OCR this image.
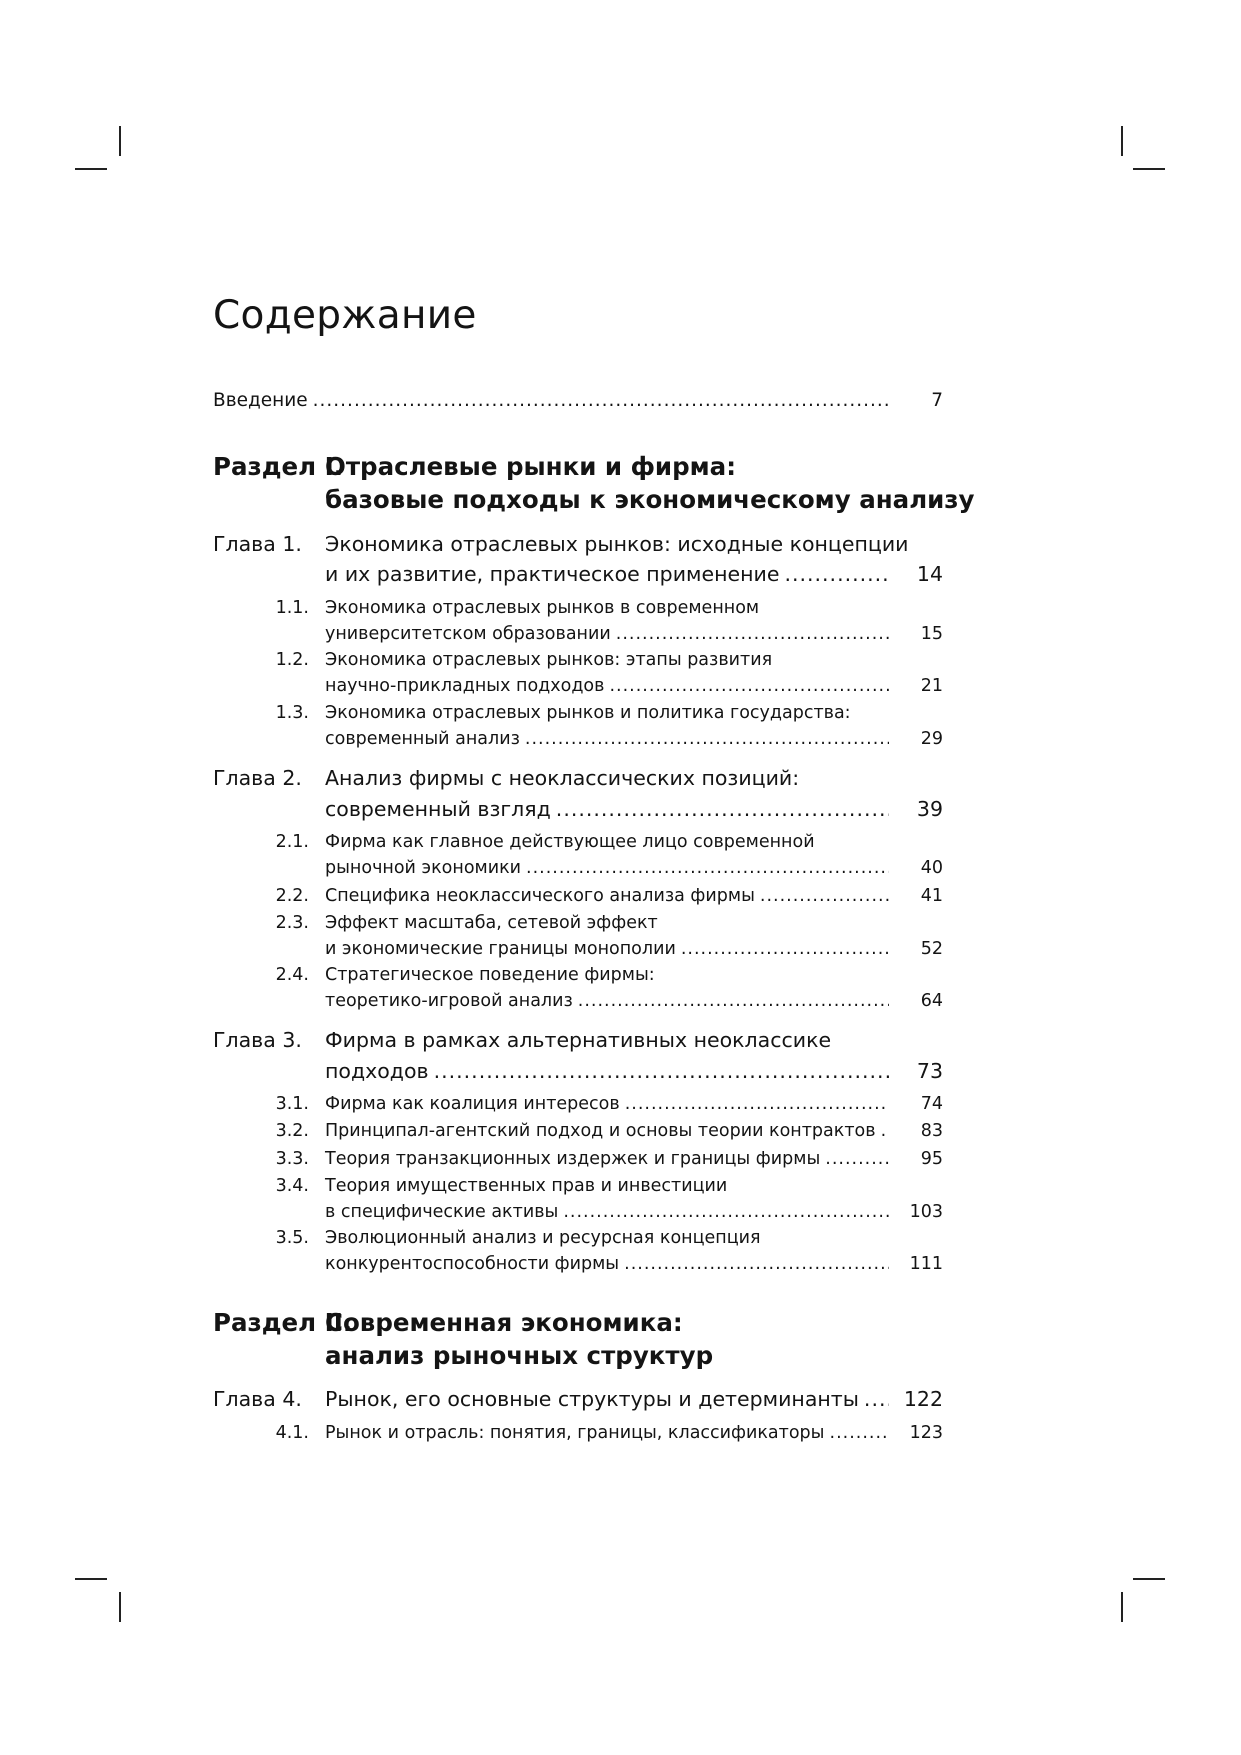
Содержание
Введение .....	7
Раздел I.
Отраслевые рынки и фирма:
базовые подходы к экономическому анализу
Глава 1. Экономика отраслевых рынков: исходные концепции
и их развитие, практическое применение .....	14
1.1. Экономика отраслевых рынков в современном
университетском образовании .....	15
1.2. Экономика отраслевых рынков: этапы развития
научно-прикладных подходов .....	21
1.3. Экономика отраслевых рынков и политика государства:
современный анализ .....	29
Глава 2. Анализ фирмы с неоклассических позиций:
современный взгляд .....	39
2.1. Фирма как главное действующее лицо современной
рыночной экономики .....	40
2.2. Специфика неоклассического анализа фирмы .....	41
2.3. Эффект масштаба, сетевой эффект
и экономические границы монополии .....	52
2.4. Стратегическое поведение фирмы:
теоретико-игровой анализ .....	64
Глава 3. Фирма в рамках альтернативных неоклассике
подходов .....	73
3.1. Фирма как коалиция интересов .....	74
3.2. Принципал-агентский подход и основы теории контрактов .....	83
3.3. Теория транзакционных издержек и границы фирмы .....	95
3.4. Теория имущественных прав и инвестиции
в специфические активы .....	103
3.5. Эволюционный анализ и ресурсная концепция
конкурентоспособности фирмы .....	111
Раздел II.
Современная экономика:
анализ рыночных структур
Глава 4. Рынок, его основные структуры и детерминанты ..... 122
4.1. Рынок и отрасль: понятия, границы, классификаторы .....	123
